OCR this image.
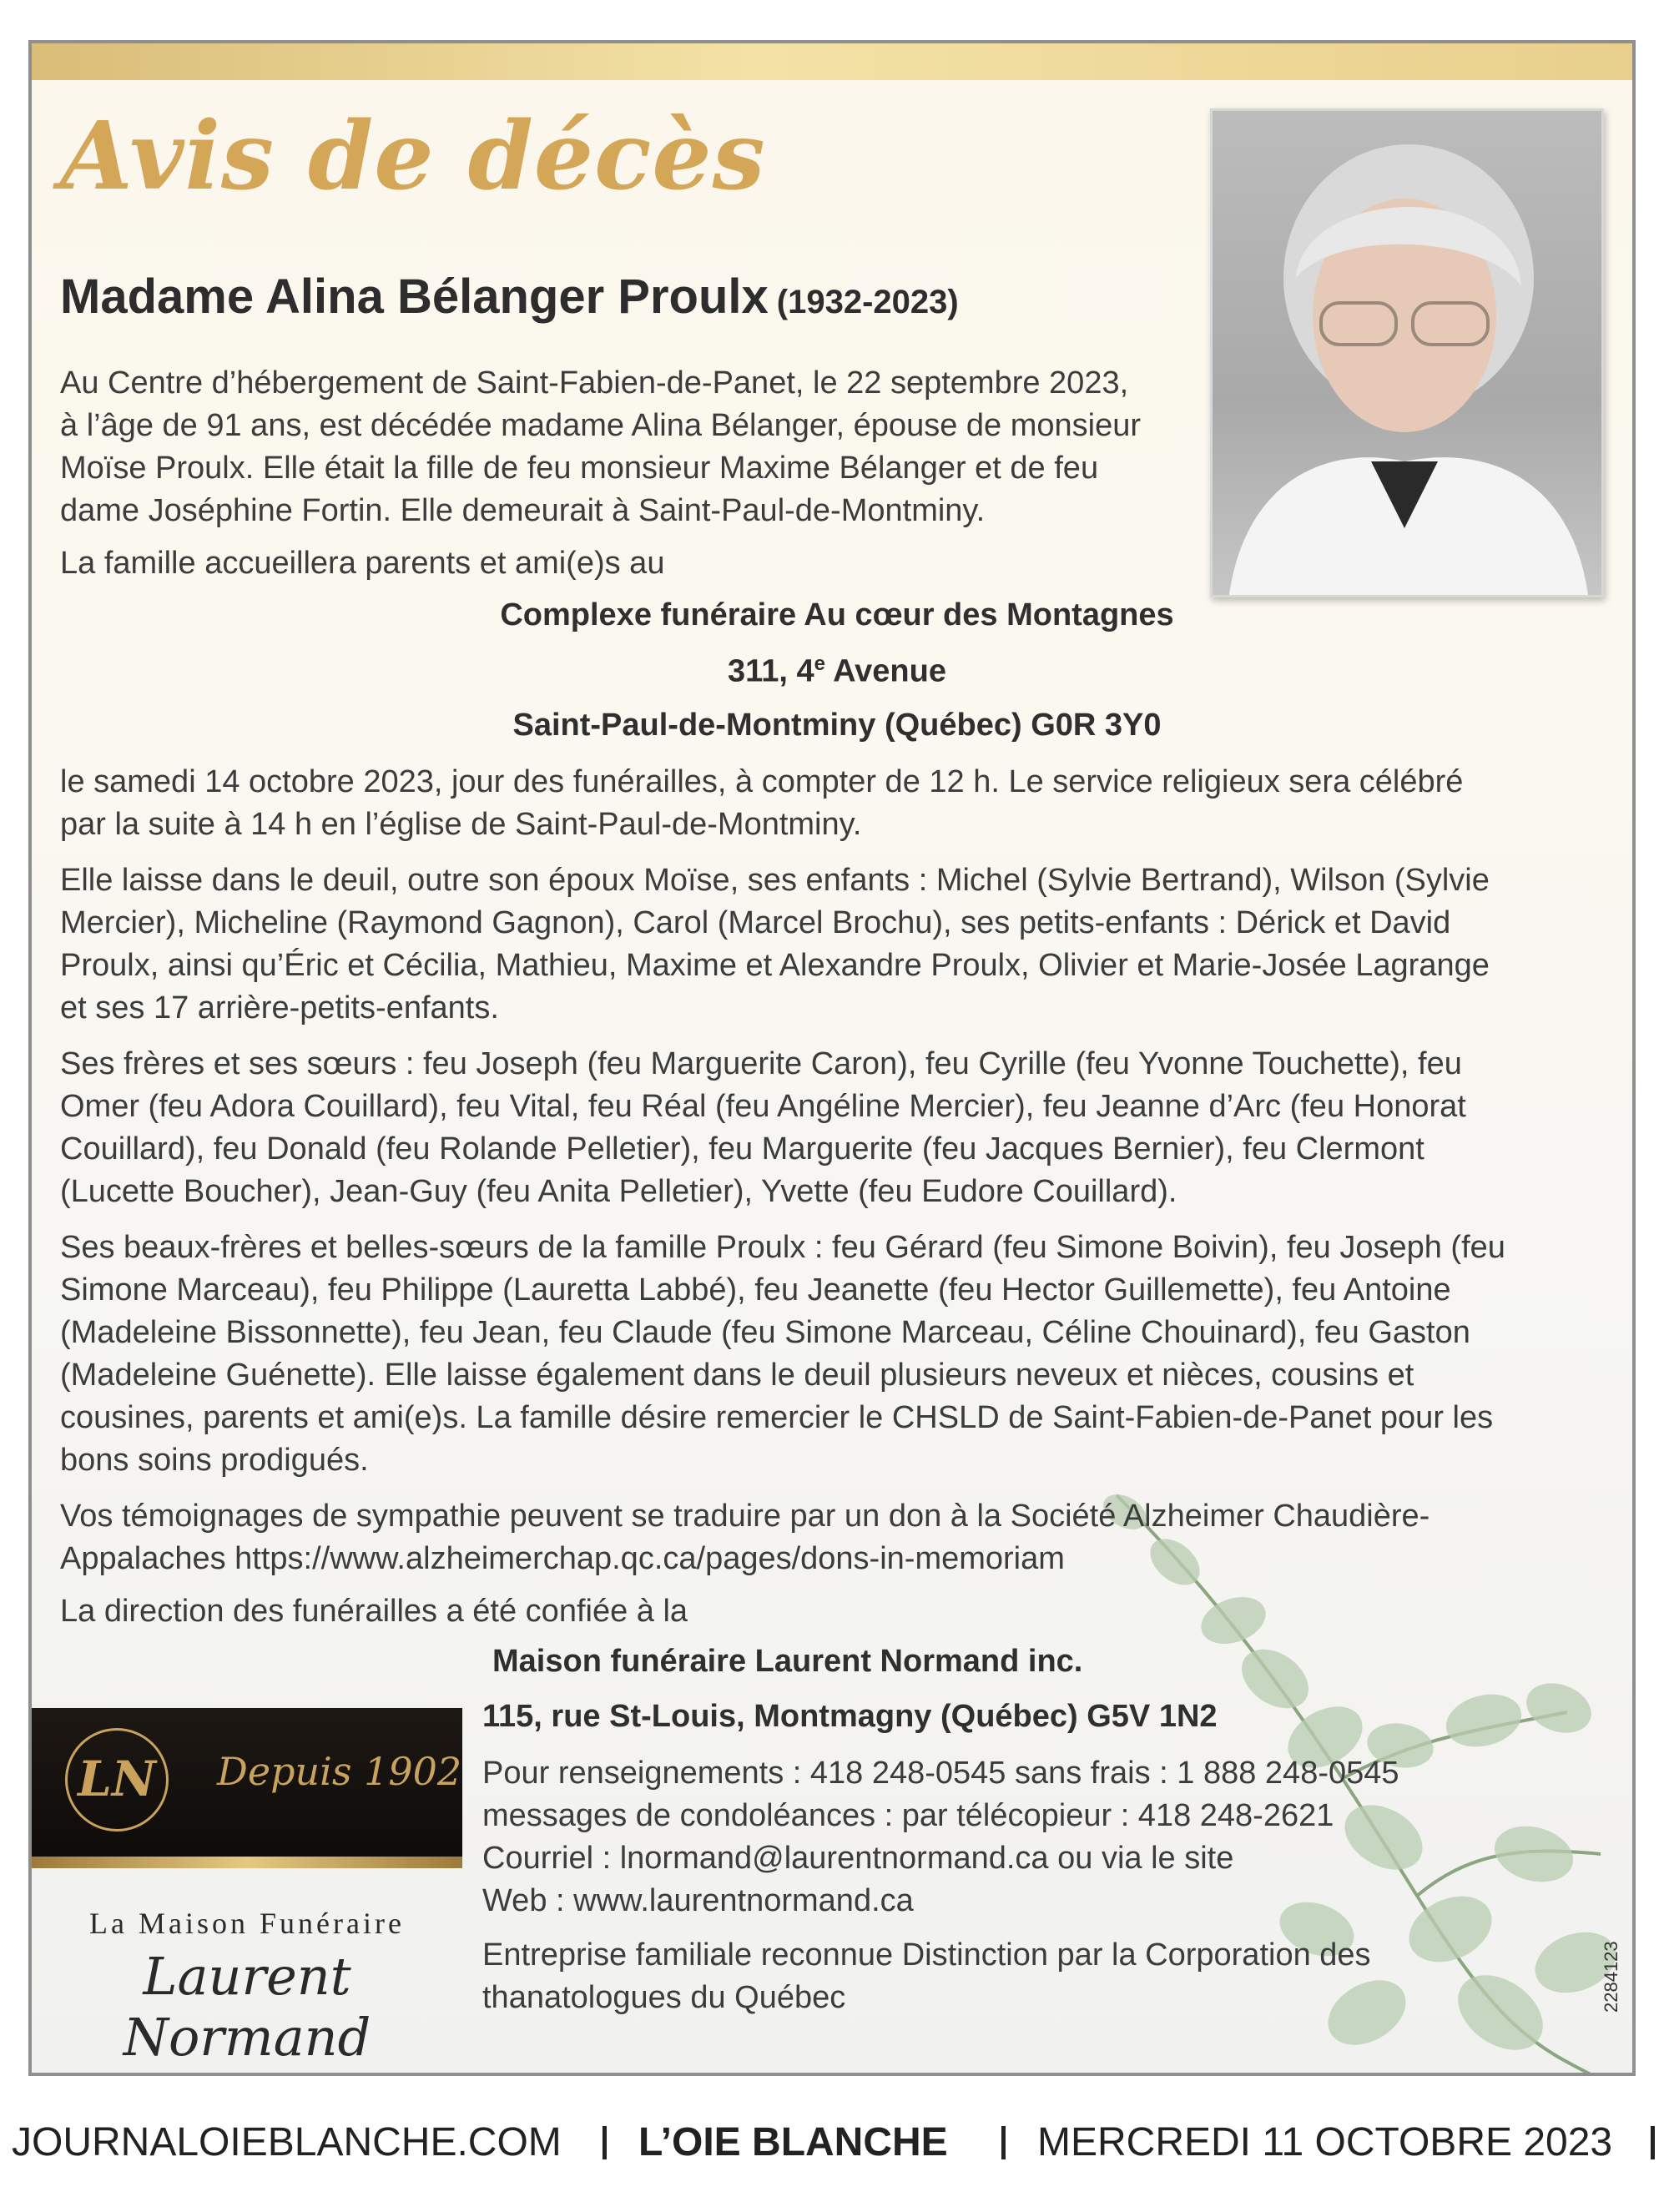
Avis de décès
Madame Alina Bélanger Proulx (1932-2023)
Au Centre d’hébergement de Saint-Fabien-de-Panet, le 22 septembre 2023,
à l’âge de 91 ans, est décédée madame Alina Bélanger, épouse de monsieur
Moïse Proulx. Elle était la fille de feu monsieur Maxime Bélanger et de feu
dame Joséphine Fortin. Elle demeurait à Saint-Paul-de-Montminy.
La famille accueillera parents et ami(e)s au
Complexe funéraire Au cœur des Montagnes
311, 4e Avenue
Saint-Paul-de-Montminy (Québec) G0R 3Y0
le samedi 14 octobre 2023, jour des funérailles, à compter de 12 h. Le service religieux sera célébré
par la suite à 14 h en l’église de Saint-Paul-de-Montminy.
Elle laisse dans le deuil, outre son époux Moïse, ses enfants : Michel (Sylvie Bertrand), Wilson (Sylvie
Mercier), Micheline (Raymond Gagnon), Carol (Marcel Brochu), ses petits-enfants : Dérick et David
Proulx, ainsi qu’Éric et Cécilia, Mathieu, Maxime et Alexandre Proulx, Olivier et Marie-Josée Lagrange
et ses 17 arrière-petits-enfants.
Ses frères et ses sœurs : feu Joseph (feu Marguerite Caron), feu Cyrille (feu Yvonne Touchette), feu
Omer (feu Adora Couillard), feu Vital, feu Réal (feu Angéline Mercier), feu Jeanne d’Arc (feu Honorat
Couillard), feu Donald (feu Rolande Pelletier), feu Marguerite (feu Jacques Bernier), feu Clermont
(Lucette Boucher), Jean-Guy (feu Anita Pelletier), Yvette (feu Eudore Couillard).
Ses beaux-frères et belles-sœurs de la famille Proulx : feu Gérard (feu Simone Boivin), feu Joseph (feu
Simone Marceau), feu Philippe (Lauretta Labbé), feu Jeanette (feu Hector Guillemette), feu Antoine
(Madeleine Bissonnette), feu Jean, feu Claude (feu Simone Marceau, Céline Chouinard), feu Gaston
(Madeleine Guénette). Elle laisse également dans le deuil plusieurs neveux et nièces, cousins et
cousines, parents et ami(e)s. La famille désire remercier le CHSLD de Saint-Fabien-de-Panet pour les
bons soins prodigués.
Vos témoignages de sympathie peuvent se traduire par un don à la Société Alzheimer Chaudière-
Appalaches https://www.alzheimerchap.qc.ca/pages/dons-in-memoriam
La direction des funérailles a été confiée à la
Maison funéraire Laurent Normand inc.
115, rue St-Louis, Montmagny (Québec) G5V 1N2
Pour renseignements : 418 248-0545 sans frais : 1 888 248-0545
messages de condoléances : par télécopieur : 418 248-2621
Courriel : lnormand@laurentnormand.ca ou via le site
Web : www.laurentnormand.ca
Entreprise familiale reconnue Distinction par la Corporation des
thanatologues du Québec
LN Depuis 1902
La Maison Funéraire
Laurent Normand
2284123
JOURNALOIEBLANCHE.COM L’OIE BLANCHE MERCREDI 11 OCTOBRE 2023
